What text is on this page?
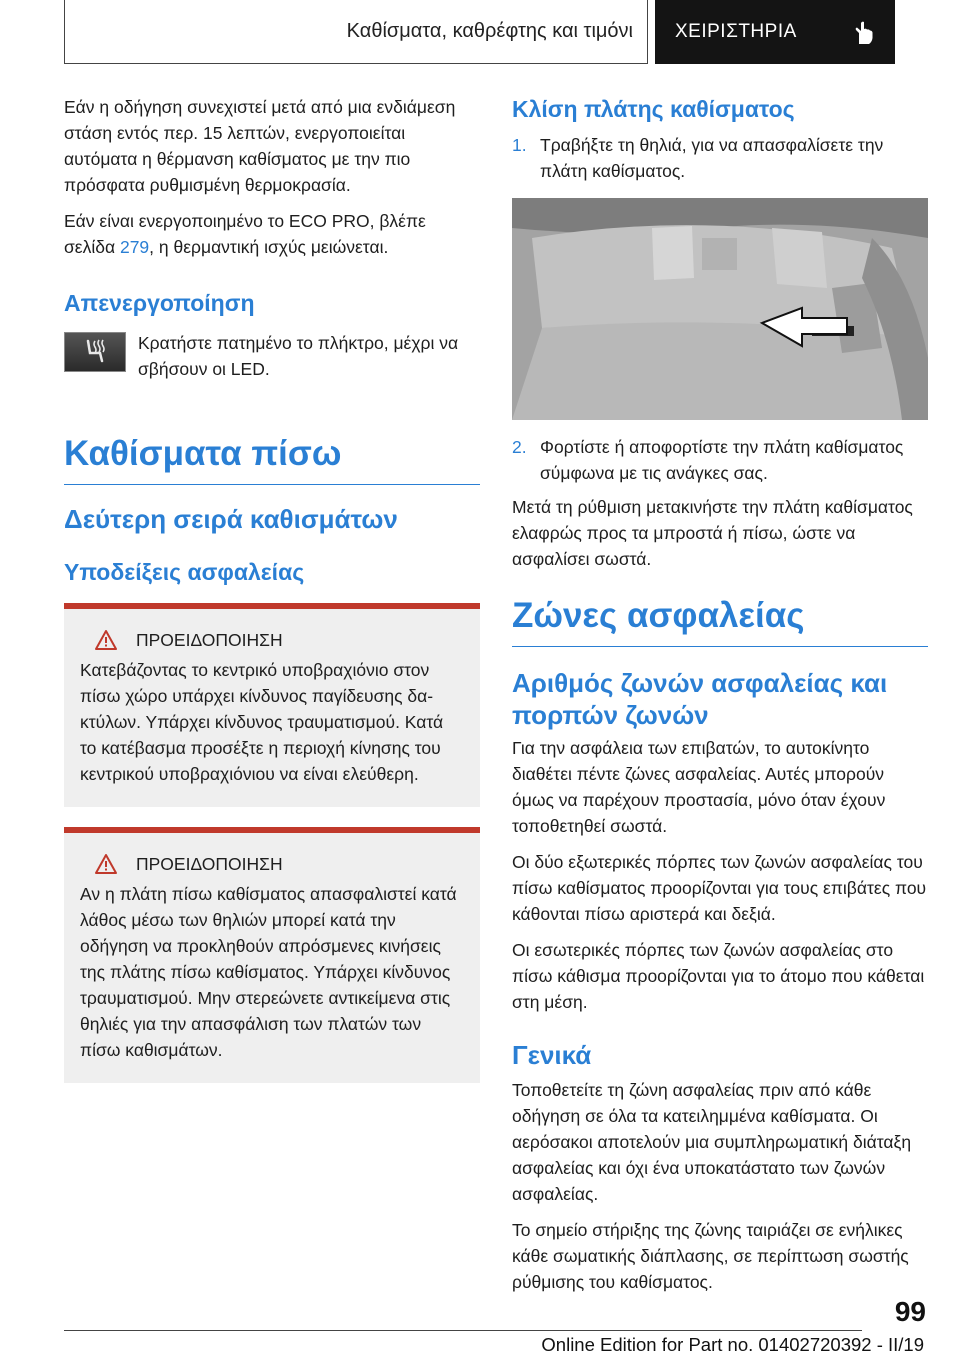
Καθίσματα, καθρέφτης και τιμόνι ΧΕΙΡΙΣΤΗΡΙΑ

Εάν η οδήγηση συνεχιστεί μετά από μια ενδιάμεση στάση εντός περ. 15 λεπτών, ενεργοποιείται αυτόματα η θέρμανση καθίσματος με την πιο πρόσφατα ρυθμισμένη θερμοκρασία.

Εάν είναι ενεργοποιημένο το ECO PRO, βλέπε σελίδα 279, η θερμαντική ισχύς μειώνεται.

Απενεργοποίηση

Κρατήστε πατημένο το πλήκτρο, μέχρι να σβήσουν οι LED.

Καθίσματα πίσω
Δεύτερη σειρά καθισμάτων
Υποδείξεις ασφαλείας
ΠΡΟΕΙΔΟΠΟΙΗΣΗ

Κατεβάζοντας το κεντρικό υποβραχιόνιο στον πίσω χώρο υπάρχει κίνδυνος παγίδευσης δακτύλων. Υπάρχει κίνδυνος τραυματισμού. Κατά το κατέβασμα προσέξτε η περιοχή κίνησης του κεντρικού υποβραχιόνιου να είναι ελεύθερη.

ΠΡΟΕΙΔΟΠΟΙΗΣΗ

Αν η πλάτη πίσω καθίσματος απασφαλιστεί κατά λάθος μέσω των θηλιών μπορεί κατά την οδήγηση να προκληθούν απρόσμενες κινήσεις της πλάτης πίσω καθίσματος. Υπάρχει κίνδυνος τραυματισμού. Μην στερεώνετε αντικείμενα στις θηλιές για την απασφάλιση των πλατών των πίσω καθισμάτων.

Κλίση πλάτης καθίσματος
1. Τραβήξτε τη θηλιά, για να απασφαλίσετε την πλάτη καθίσματος.
2. Φορτίστε ή αποφορτίστε την πλάτη καθίσματος σύμφωνα με τις ανάγκες σας.

Μετά τη ρύθμιση μετακινήστε την πλάτη καθίσματος ελαφρώς προς τα μπροστά ή πίσω, ώστε να ασφαλίσει σωστά.

Ζώνες ασφαλείας
Αριθμός ζωνών ασφαλείας και πορπών ζωνών

Για την ασφάλεια των επιβατών, το αυτοκίνητο διαθέτει πέντε ζώνες ασφαλείας. Αυτές μπορούν όμως να παρέχουν προστασία, μόνο όταν έχουν τοποθετηθεί σωστά.

Οι δύο εξωτερικές πόρπες των ζωνών ασφαλείας του πίσω καθίσματος προορίζονται για τους επιβάτες που κάθονται πίσω αριστερά και δεξιά.

Οι εσωτερικές πόρπες των ζωνών ασφαλείας στο πίσω κάθισμα προορίζονται για το άτομο που κάθεται στη μέση.

Γενικά

Τοποθετείτε τη ζώνη ασφαλείας πριν από κάθε οδήγηση σε όλα τα κατειλημμένα καθίσματα. Οι αερόσακοι αποτελούν μια συμπληρωματική διάταξη ασφαλείας και όχι ένα υποκατάστατο των ζωνών ασφαλείας.

Το σημείο στήριξης της ζώνης ταιριάζει σε ενήλικες κάθε σωματικής διάπλασης, σε περίπτωση σωστής ρύθμισης του καθίσματος.

99
Online Edition for Part no. 01402720392 - II/19
